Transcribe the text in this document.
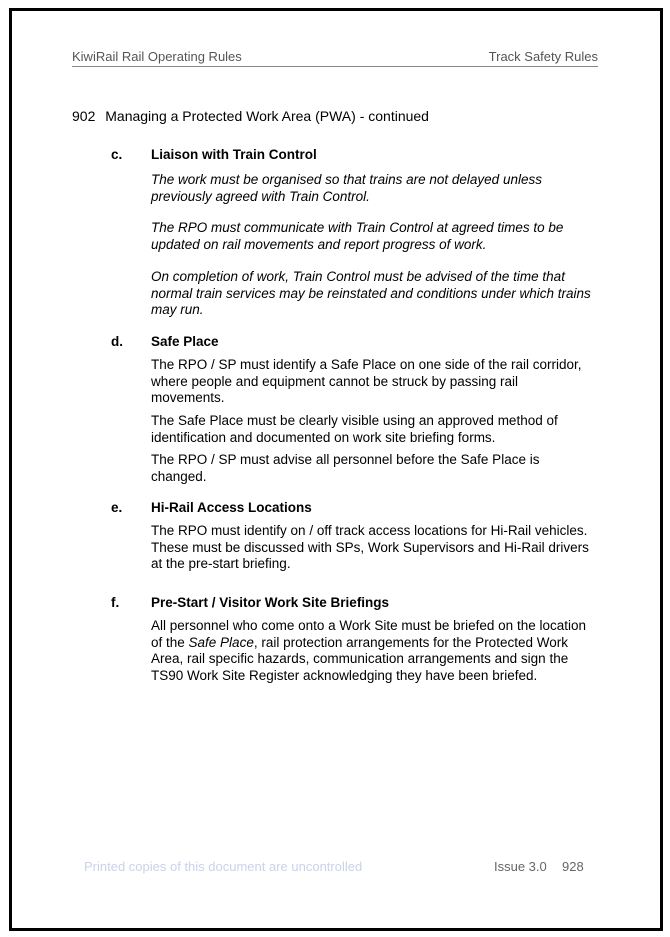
KiwiRail Rail Operating Rules	Track Safety Rules
902 Managing a Protected Work Area (PWA) - continued
c. Liaison with Train Control
The work must be organised so that trains are not delayed unless previously agreed with Train Control.
The RPO must communicate with Train Control at agreed times to be updated on rail movements and report progress of work.
On completion of work, Train Control must be advised of the time that normal train services may be reinstated and conditions under which trains may run.
d. Safe Place
The RPO / SP must identify a Safe Place on one side of the rail corridor, where people and equipment cannot be struck by passing rail movements.
The Safe Place must be clearly visible using an approved method of identification and documented on work site briefing forms.
The RPO / SP must advise all personnel before the Safe Place is changed.
e. Hi-Rail Access Locations
The RPO must identify on / off track access locations for Hi-Rail vehicles. These must be discussed with SPs, Work Supervisors and Hi-Rail drivers at the pre-start briefing.
f. Pre-Start / Visitor Work Site Briefings
All personnel who come onto a Work Site must be briefed on the location of the Safe Place, rail protection arrangements for the Protected Work Area, rail specific hazards, communication arrangements and sign the TS90 Work Site Register acknowledging they have been briefed.
Printed copies of this document are uncontrolled	Issue 3.0 928
